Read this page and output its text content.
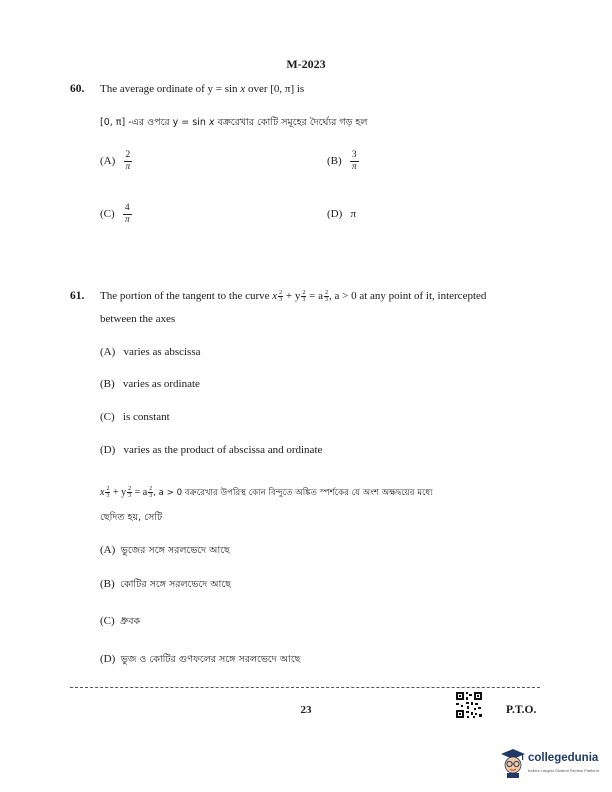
M-2023
60. The average ordinate of y = sin x over [0, π] is
[0, π] -এর ওপরে y = sin x বক্ররেখার কোটি সমূহের দৈর্ঘ্যের গড় হল
$(A) \frac{2}{\pi}$	$(B) \frac{3}{\pi}$
$(C) \frac{4}{\pi}$	(D) π
61. The portion of the tangent to the curve x $\frac{2}{3} + y \frac{2}{3} = a \frac{2}{3}$ , a > 0 at any point of it, intercepted
between the axes
(A) varies as abscissa
(B) varies as ordinate
(C) is constant
(D) varies as the product of abscissa and ordinate
x $\frac{2}{3} + y \frac{2}{3} = a \frac{2}{3}$ , a > 0 বক্ররেখার উপরিস্থ কোন বিন্দুতে অঙ্কিত স্পর্শকের যে অংশ অক্ষদ্বয়ের মধ্যে
ছেদিত হয়, সেটি
(A) ভুজের সঙ্গে সরলভেদে আছে
(B) কোটির সঙ্গে সরলভেদে আছে
(C) ধ্রুবক
(D) ভুজ ও কোটির গুণফলের সঙ্গে সরলভেদে আছে
23	P.T.O.
collegedunia
India's Largest Student Review Platform
